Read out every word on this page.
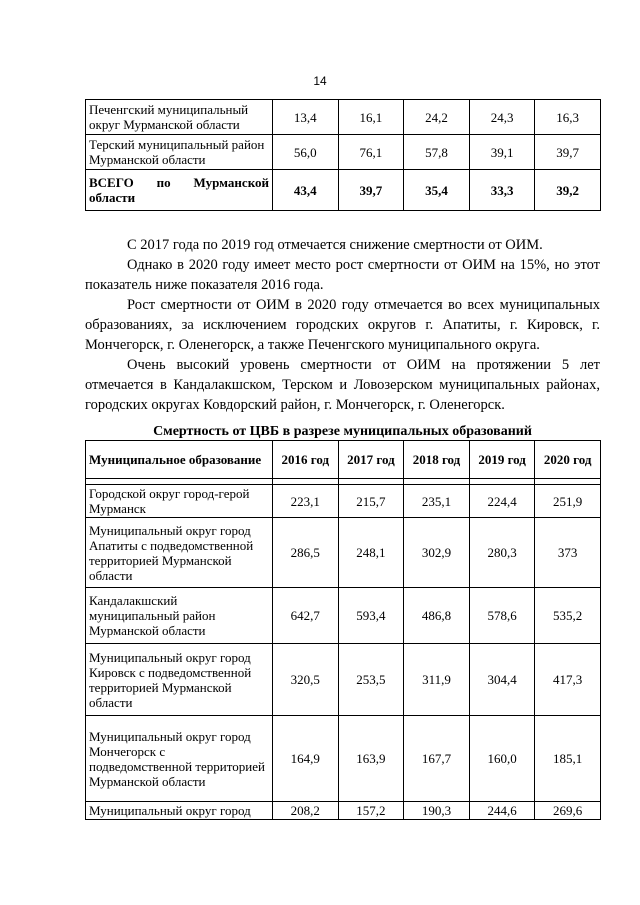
14
Печенгский муниципальный округ Мурманской области	13,4	16,1	24,2	24,3	16,3
Терский муниципальный район Мурманской области	56,0	76,1	57,8	39,1	39,7
ВСЕГО по Мурманской области	43,4	39,7	35,4	33,3	39,2

С 2017 года по 2019 год отмечается снижение смертности от ОИМ.

Однако в 2020 году имеет место рост смертности от ОИМ на 15%, но этот показатель ниже показателя 2016 года.

Рост смертности от ОИМ в 2020 году отмечается во всех муниципальных образованиях, за исключением городских округов г. Апатиты, г. Кировск, г. Мончегорск, г. Оленегорск, а также Печенгского муниципального округа.

Очень высокий уровень смертности от ОИМ на протяжении 5 лет отмечается в Кандалакшском, Терском и Ловозерском муниципальных районах, городских округах Ковдорский район, г. Мончегорск, г. Оленегорск.

Смертность от ЦВБ в разрезе муниципальных образований
Муниципальное образование	2016 год	2017 год	2018 год	2019 год	2020 год

Городской округ город-герой Мурманск	223,1	215,7	235,1	224,4	251,9
Муниципальный округ город Апатиты с подведомственной территорией Мурманской области	286,5	248,1	302,9	280,3	373
Кандалакшский муниципальный район Мурманской области	642,7	593,4	486,8	578,6	535,2
Муниципальный округ город Кировск с подведомственной территорией Мурманской области	320,5	253,5	311,9	304,4	417,3
Муниципальный округ город Мончегорск с подведомственной территорией Мурманской области	164,9	163,9	167,7	160,0	185,1
Муниципальный округ город	208,2	157,2	190,3	244,6	269,6
